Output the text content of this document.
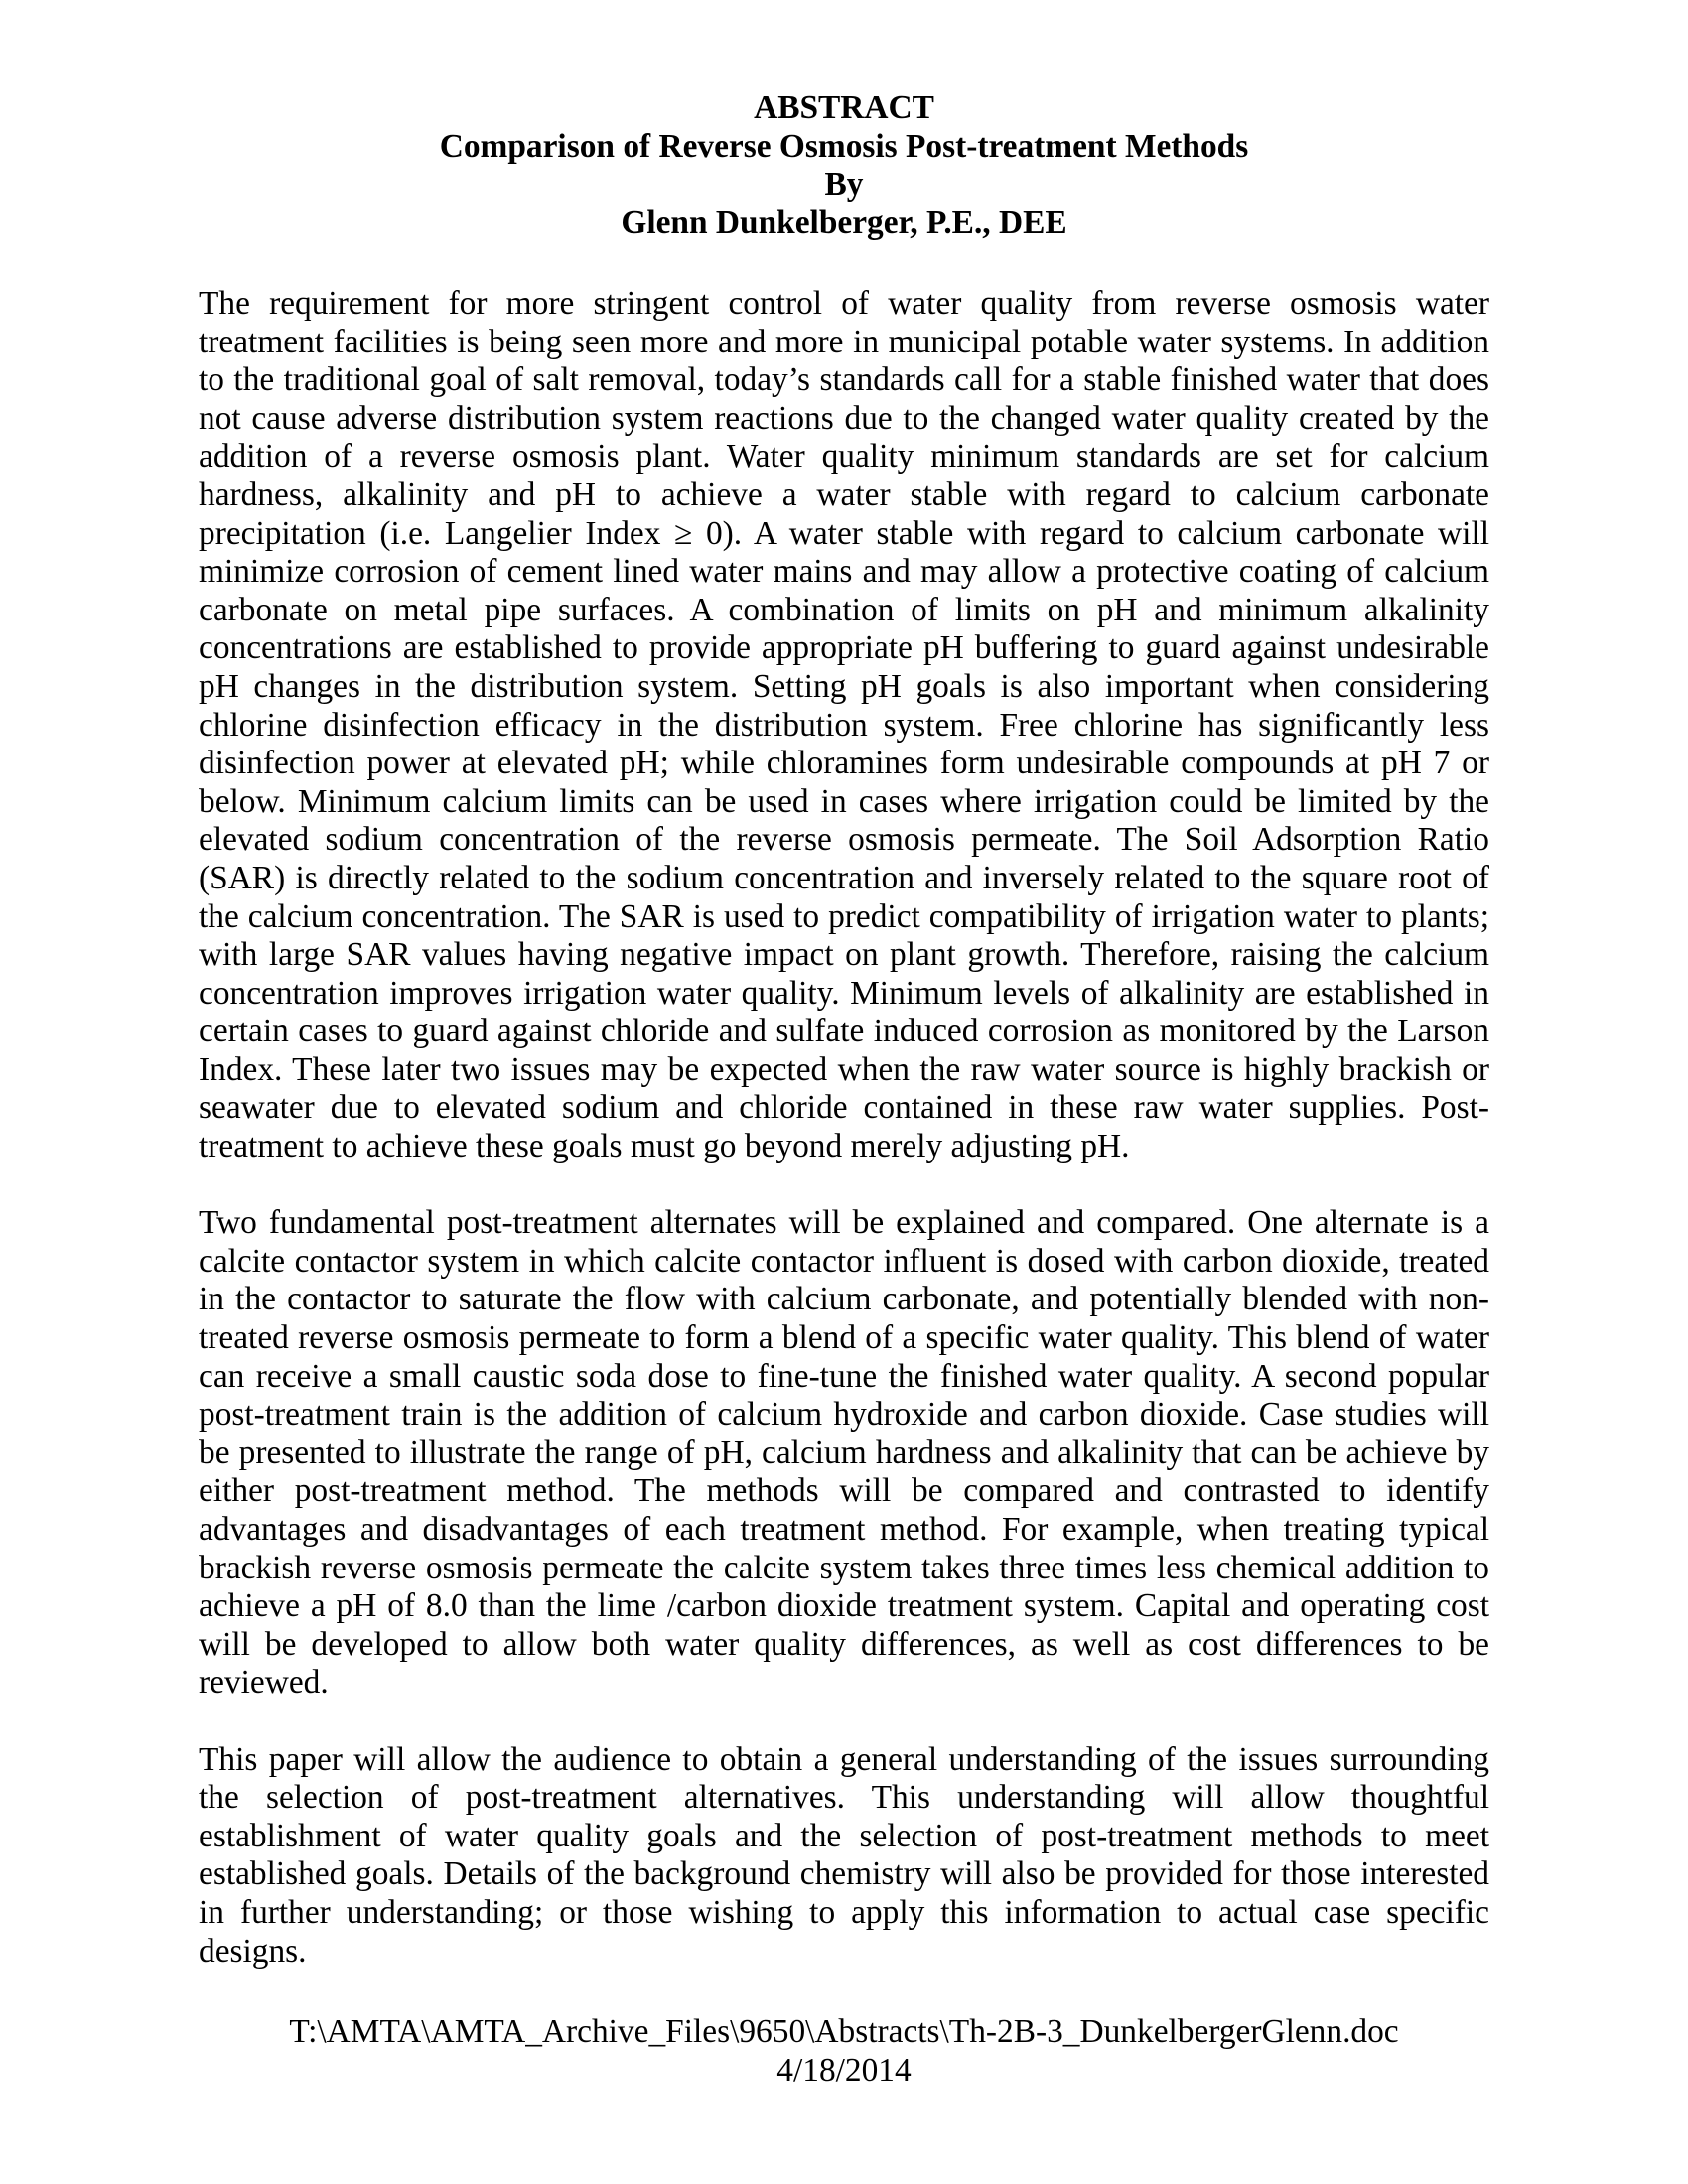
ABSTRACT
Comparison of Reverse Osmosis Post-treatment Methods
By
Glenn Dunkelberger, P.E., DEE

The requirement for more stringent control of water quality from reverse osmosis water treatment facilities is being seen more and more in municipal potable water systems. In addition to the traditional goal of salt removal, today’s standards call for a stable finished water that does not cause adverse distribution system reactions due to the changed water quality created by the addition of a reverse osmosis plant. Water quality minimum standards are set for calcium hardness, alkalinity and pH to achieve a water stable with regard to calcium carbonate precipitation (i.e. Langelier Index ≥ 0). A water stable with regard to calcium carbonate will minimize corrosion of cement lined water mains and may allow a protective coating of calcium carbonate on metal pipe surfaces. A combination of limits on pH and minimum alkalinity concentrations are established to provide appropriate pH buffering to guard against undesirable pH changes in the distribution system. Setting pH goals is also important when considering chlorine disinfection efficacy in the distribution system. Free chlorine has significantly less disinfection power at elevated pH; while chloramines form undesirable compounds at pH 7 or below. Minimum calcium limits can be used in cases where irrigation could be limited by the elevated sodium concentration of the reverse osmosis permeate. The Soil Adsorption Ratio (SAR) is directly related to the sodium concentration and inversely related to the square root of the calcium concentration. The SAR is used to predict compatibility of irrigation water to plants; with large SAR values having negative impact on plant growth. Therefore, raising the calcium concentration improves irrigation water quality. Minimum levels of alkalinity are established in certain cases to guard against chloride and sulfate induced corrosion as monitored by the Larson Index. These later two issues may be expected when the raw water source is highly brackish or seawater due to elevated sodium and chloride contained in these raw water supplies. Post-treatment to achieve these goals must go beyond merely adjusting pH.

Two fundamental post-treatment alternates will be explained and compared. One alternate is a calcite contactor system in which calcite contactor influent is dosed with carbon dioxide, treated in the contactor to saturate the flow with calcium carbonate, and potentially blended with non-treated reverse osmosis permeate to form a blend of a specific water quality. This blend of water can receive a small caustic soda dose to fine-tune the finished water quality. A second popular post-treatment train is the addition of calcium hydroxide and carbon dioxide. Case studies will be presented to illustrate the range of pH, calcium hardness and alkalinity that can be achieve by either post-treatment method. The methods will be compared and contrasted to identify advantages and disadvantages of each treatment method. For example, when treating typical brackish reverse osmosis permeate the calcite system takes three times less chemical addition to achieve a pH of 8.0 than the lime /carbon dioxide treatment system. Capital and operating cost will be developed to allow both water quality differences, as well as cost differences to be reviewed.

This paper will allow the audience to obtain a general understanding of the issues surrounding the selection of post-treatment alternatives. This understanding will allow thoughtful establishment of water quality goals and the selection of post-treatment methods to meet established goals. Details of the background chemistry will also be provided for those interested in further understanding; or those wishing to apply this information to actual case specific designs.

T:\AMTA\AMTA_Archive_Files\9650\Abstracts\Th-2B-3_DunkelbergerGlenn.doc
4/18/2014
